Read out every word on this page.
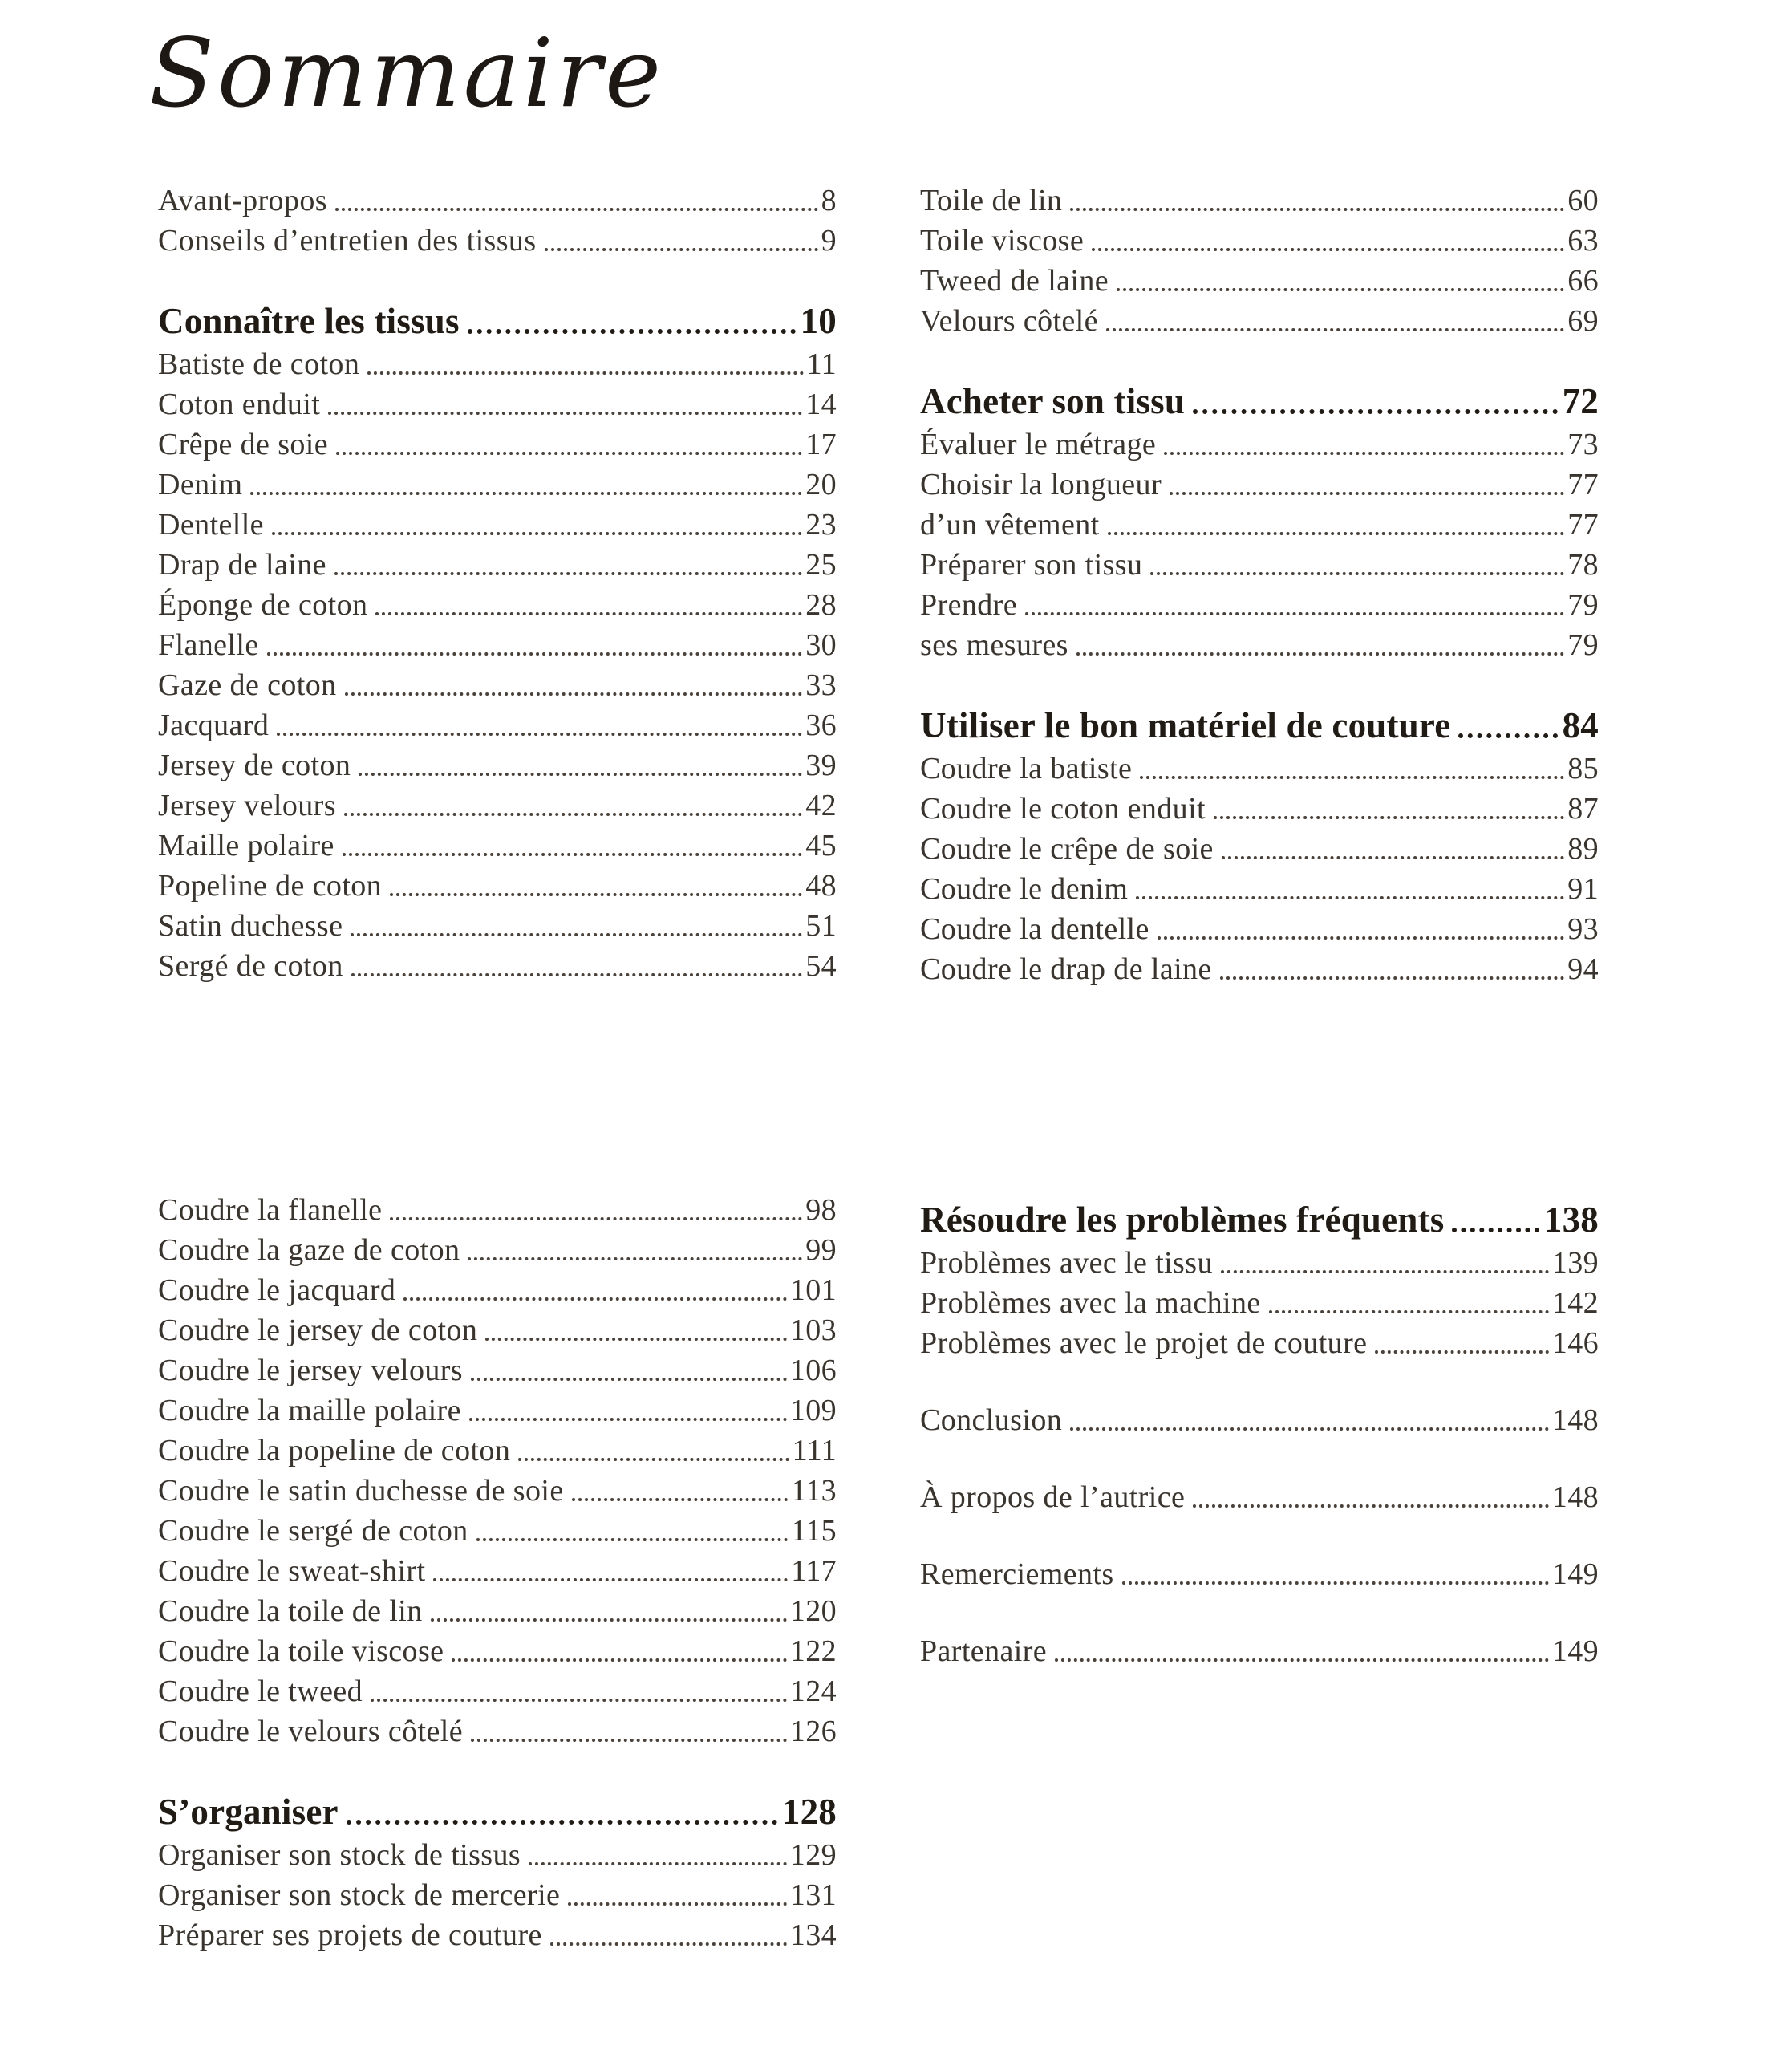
Sommaire
Avant-propos	8
Conseils d’entretien des tissus	9
Connaître les tissus	10
Batiste de coton	11
Coton enduit	14
Crêpe de soie	17
Denim	20
Dentelle	23
Drap de laine	25
Éponge de coton	28
Flanelle	30
Gaze de coton	33
Jacquard	36
Jersey de coton	39
Jersey velours	42
Maille polaire	45
Popeline de coton	48
Satin duchesse	51
Sergé de coton	54
Toile de lin	60
Toile viscose	63
Tweed de laine	66
Velours côtelé	69
Acheter son tissu	72
Évaluer le métrage	73
Choisir la longueur	77
d’un vêtement	77
Préparer son tissu	78
Prendre	79
ses mesures	79
Utiliser le bon matériel de couture	84
Coudre la batiste	85
Coudre le coton enduit	87
Coudre le crêpe de soie	89
Coudre le denim	91
Coudre la dentelle	93
Coudre le drap de laine	94
Coudre la flanelle	98
Coudre la gaze de coton	99
Coudre le jacquard	101
Coudre le jersey de coton	103
Coudre le jersey velours	106
Coudre la maille polaire	109
Coudre la popeline de coton	111
Coudre le satin duchesse de soie	113
Coudre le sergé de coton	115
Coudre le sweat-shirt	117
Coudre la toile de lin	120
Coudre la toile viscose	122
Coudre le tweed	124
Coudre le velours côtelé	126
S’organiser	128
Organiser son stock de tissus	129
Organiser son stock de mercerie	131
Préparer ses projets de couture	134
Résoudre les problèmes fréquents	138
Problèmes avec le tissu	139
Problèmes avec la machine	142
Problèmes avec le projet de couture	146
Conclusion	148
À propos de l’autrice	148
Remerciements	149
Partenaire	149
